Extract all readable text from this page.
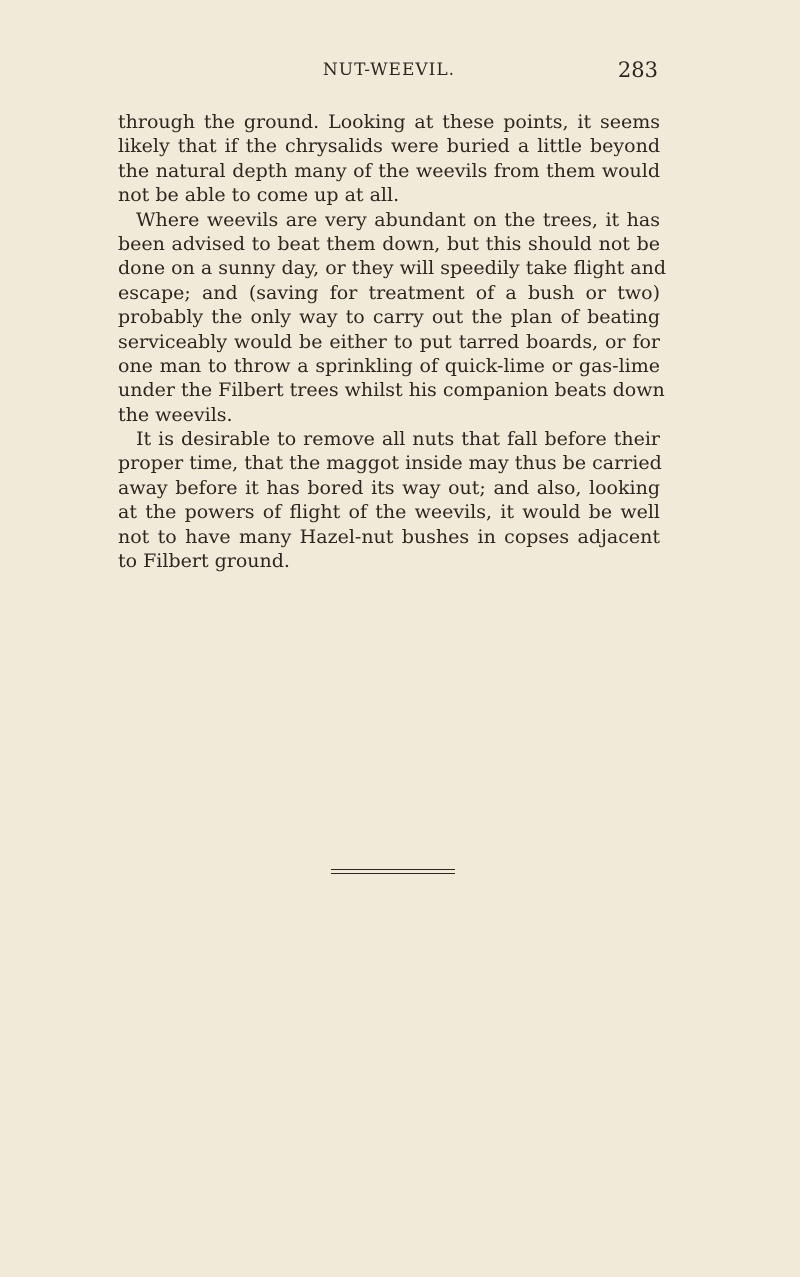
NUT-WEEVIL.	283
through the ground. Looking at these points, it seems
likely that if the chrysalids were buried a little beyond
the natural depth many of the weevils from them would
not be able to come up at all.
Where weevils are very abundant on the trees, it has
been advised to beat them down, but this should not be
done on a sunny day, or they will speedily take flight and
escape; and (saving for treatment of a bush or two)
probably the only way to carry out the plan of beating
serviceably would be either to put tarred boards, or for
one man to throw a sprinkling of quick-lime or gas-lime
under the Filbert trees whilst his companion beats down
the weevils.
It is desirable to remove all nuts that fall before their
proper time, that the maggot inside may thus be carried
away before it has bored its way out; and also, looking
at the powers of flight of the weevils, it would be well
not to have many Hazel-nut bushes in copses adjacent
to Filbert ground.
